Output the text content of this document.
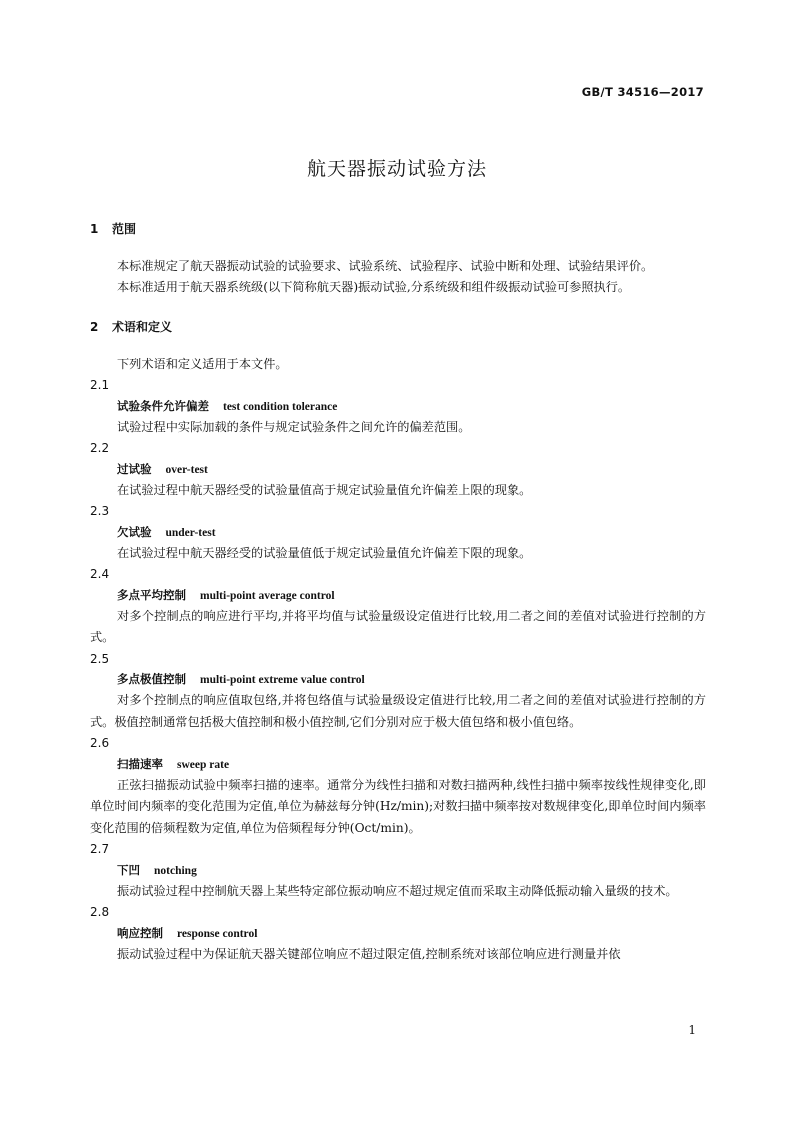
GB/T 34516—2017
航天器振动试验方法
1 范围

本标准规定了航天器振动试验的试验要求、试验系统、试验程序、试验中断和处理、试验结果评价。

本标准适用于航天器系统级(以下简称航天器)振动试验,分系统级和组件级振动试验可参照执行。

2 术语和定义

下列术语和定义适用于本文件。

2.1
试验条件允许偏差 test condition tolerance

试验过程中实际加载的条件与规定试验条件之间允许的偏差范围。

2.2
过试验 over-test

在试验过程中航天器经受的试验量值高于规定试验量值允许偏差上限的现象。

2.3
欠试验 under-test

在试验过程中航天器经受的试验量值低于规定试验量值允许偏差下限的现象。

2.4
多点平均控制 multi-point average control

对多个控制点的响应进行平均,并将平均值与试验量级设定值进行比较,用二者之间的差值对试验进行控制的方式。

2.5
多点极值控制 multi-point extreme value control

对多个控制点的响应值取包络,并将包络值与试验量级设定值进行比较,用二者之间的差值对试验进行控制的方式。极值控制通常包括极大值控制和极小值控制,它们分别对应于极大值包络和极小值包络。

2.6
扫描速率 sweep rate

正弦扫描振动试验中频率扫描的速率。通常分为线性扫描和对数扫描两种,线性扫描中频率按线性规律变化,即单位时间内频率的变化范围为定值,单位为赫兹每分钟(Hz/min);对数扫描中频率按对数规律变化,即单位时间内频率变化范围的倍频程数为定值,单位为倍频程每分钟(Oct/min)。

2.7
下凹 notching

振动试验过程中控制航天器上某些特定部位振动响应不超过规定值而采取主动降低振动输入量级的技术。

2.8
响应控制 response control

振动试验过程中为保证航天器关键部位响应不超过限定值,控制系统对该部位响应进行测量并依

1
